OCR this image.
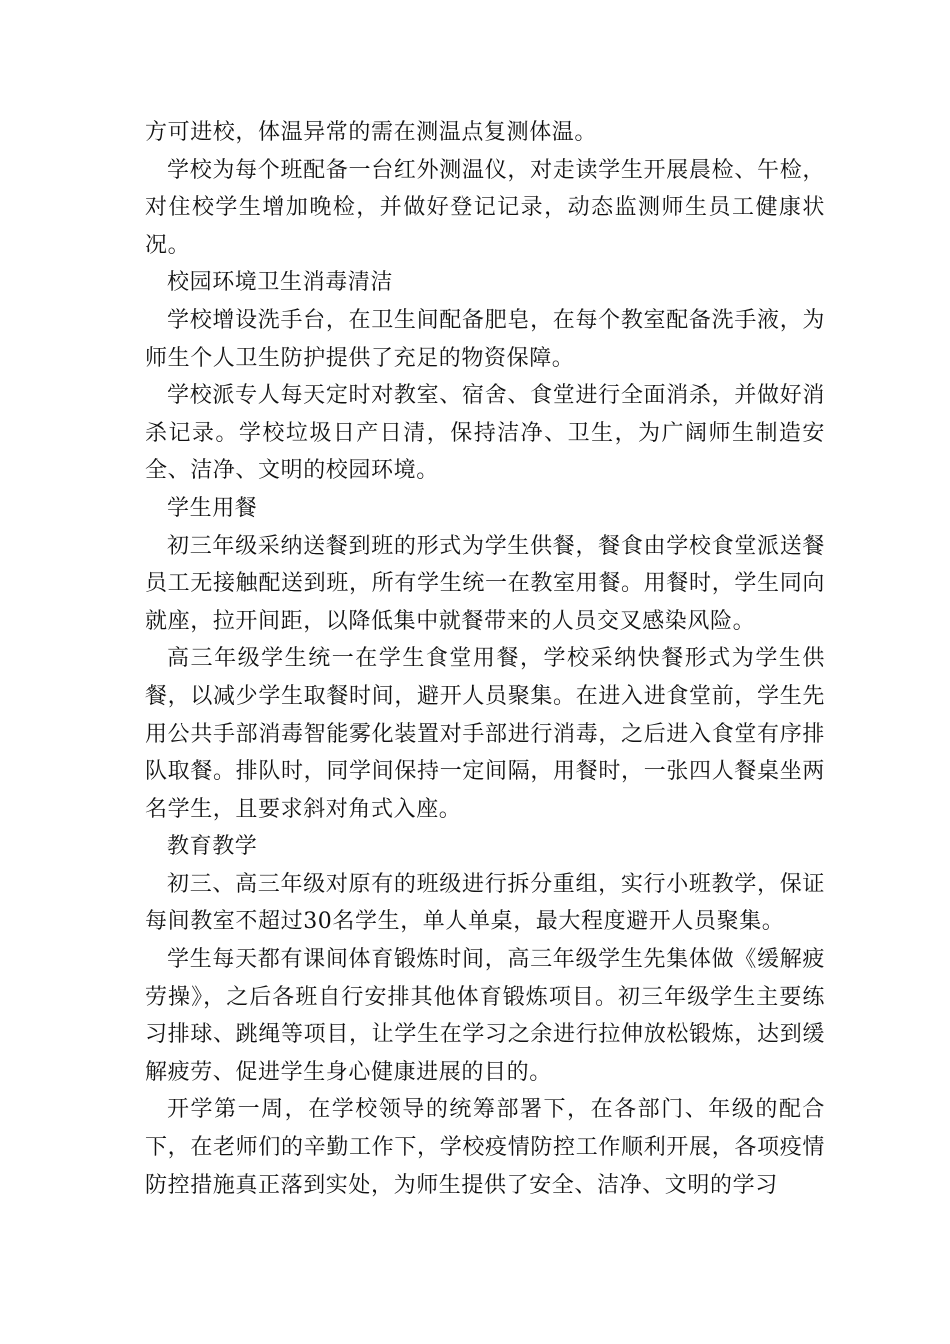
方可进校，体温异常的需在测温点复测体温。

学校为每个班配备一台红外测温仪，对走读学生开展晨检、午检，对住校学生增加晚检，并做好登记记录，动态监测师生员工健康状况。

校园环境卫生消毒清洁

学校增设洗手台，在卫生间配备肥皂，在每个教室配备洗手液，为师生个人卫生防护提供了充足的物资保障。

学校派专人每天定时对教室、宿舍、食堂进行全面消杀，并做好消杀记录。学校垃圾日产日清，保持洁净、卫生，为广阔师生制造安全、洁净、文明的校园环境。

学生用餐

初三年级采纳送餐到班的形式为学生供餐，餐食由学校食堂派送餐员工无接触配送到班，所有学生统一在教室用餐。用餐时，学生同向就座，拉开间距，以降低集中就餐带来的人员交叉感染风险。

高三年级学生统一在学生食堂用餐，学校采纳快餐形式为学生供餐，以减少学生取餐时间，避开人员聚集。在进入进食堂前，学生先用公共手部消毒智能雾化装置对手部进行消毒，之后进入食堂有序排队取餐。排队时，同学间保持一定间隔，用餐时，一张四人餐桌坐两名学生，且要求斜对角式入座。

教育教学

初三、高三年级对原有的班级进行拆分重组，实行小班教学，保证每间教室不超过30名学生，单人单桌，最大程度避开人员聚集。

学生每天都有课间体育锻炼时间，高三年级学生先集体做《缓解疲劳操》，之后各班自行安排其他体育锻炼项目。初三年级学生主要练习排球、跳绳等项目，让学生在学习之余进行拉伸放松锻炼，达到缓解疲劳、促进学生身心健康进展的目的。

开学第一周，在学校领导的统筹部署下，在各部门、年级的配合下，在老师们的辛勤工作下，学校疫情防控工作顺利开展，各项疫情防控措施真正落到实处，为师生提供了安全、洁净、文明的学习
